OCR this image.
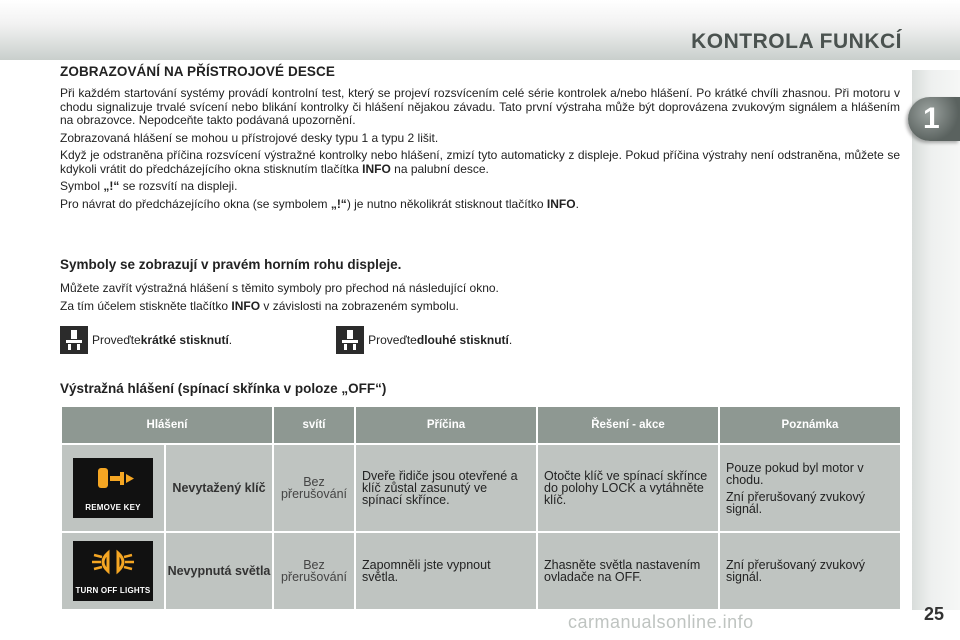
KONTROLA FUNKCÍ
1
ZOBRAZOVÁNÍ NA PŘÍSTROJOVÉ DESCE

Při každém startování systémy provádí kontrolní test, který se projeví rozsvícením celé série kontrolek a/nebo hlášení. Po krátké chvíli zhasnou. Při motoru v chodu signalizuje trvalé svícení nebo blikání kontrolky či hlášení nějakou závadu. Tato první výstraha může být doprovázena zvukovým signálem a hlášením na obrazovce. Nepodceňte takto podávaná upozornění.

Zobrazovaná hlášení se mohou u přístrojové desky typu 1 a typu 2 lišit.

Když je odstraněna příčina rozsvícení výstražné kontrolky nebo hlášení, zmizí tyto automaticky z displeje. Pokud příčina výstrahy není odstraněna, můžete se kdykoli vrátit do předcházejícího okna stisknutím tlačítka INFO na palubní desce.

Symbol „!“ se rozsvítí na displeji.

Pro návrat do předcházejícího okna (se symbolem „!“) je nutno několikrát stisknout tlačítko INFO.

Symboly se zobrazují v pravém horním rohu displeje.

Můžete zavřít výstražná hlášení s těmito symboly pro přechod ná následující okno.

Za tím účelem stiskněte tlačítko INFO v závislosti na zobrazeném symbolu.

Proveďte krátké stisknutí .	Proveďte dlouhé stisknutí .
Výstražná hlášení (spínací skřínka v poloze „OFF“)
Hlášení		svítí	Příčina	Řešení - akce	Poznámka

REMOVE KEY	Nevytažený klíč	Bez přerušování	Dveře řidiče jsou otevřené a klíč zůstal zasunutý ve spínací skřínce.	Otočte klíč ve spínací skřínce do polohy LOCK a vytáhněte klíč.	Pouze pokud byl motor v chodu.
Zní přerušovaný zvukový signál.

TURN OFF LIGHTS	Nevypnutá světla	Bez přerušování	Zapomněli jste vypnout světla.	Zhasněte světla nastavením ovladače na OFF.	Zní přerušovaný zvukový signál.
25
carmanualsonline.info
